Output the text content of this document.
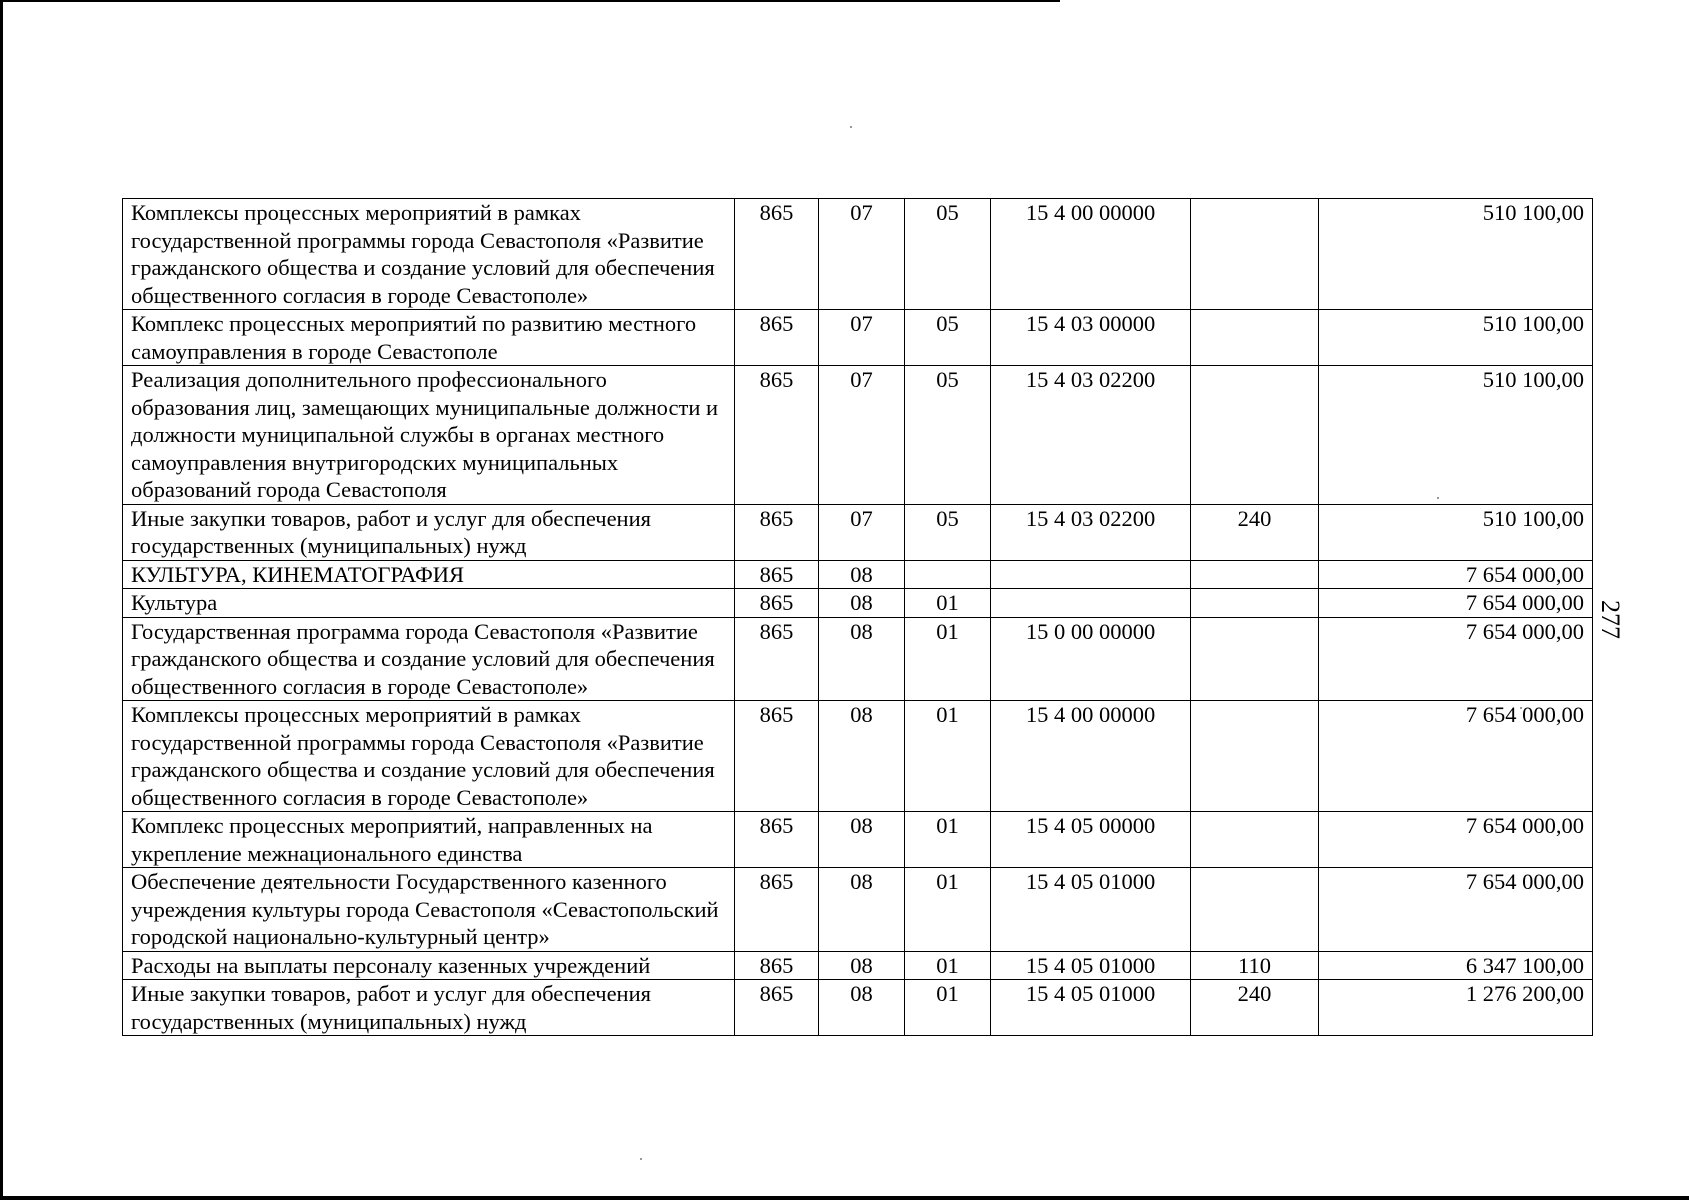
277
Комплексы процессных мероприятий в рамках государственной программы города Севастополя «Развитие гражданского общества и создание условий для обеспечения общественного согласия в городе Севастополе»	865	07	05	15 4 00 00000		510 100,00
Комплекс процессных мероприятий по развитию местного самоуправления в городе Севастополе	865	07	05	15 4 03 00000		510 100,00
Реализация дополнительного профессионального образования лиц, замещающих муниципальные должности и должности муниципальной службы в органах местного самоуправления внутригородских муниципальных образований города Севастополя	865	07	05	15 4 03 02200		510 100,00
Иные закупки товаров, работ и услуг для обеспечения государственных (муниципальных) нужд	865	07	05	15 4 03 02200	240	510 100,00
КУЛЬТУРА, КИНЕМАТОГРАФИЯ	865	08				7 654 000,00
Культура	865	08	01			7 654 000,00
Государственная программа города Севастополя «Развитие гражданского общества и создание условий для обеспечения общественного согласия в городе Севастополе»	865	08	01	15 0 00 00000		7 654 000,00
Комплексы процессных мероприятий в рамках государственной программы города Севастополя «Развитие гражданского общества и создание условий для обеспечения общественного согласия в городе Севастополе»	865	08	01	15 4 00 00000		7 654 000,00
Комплекс процессных мероприятий, направленных на укрепление межнационального единства	865	08	01	15 4 05 00000		7 654 000,00
Обеспечение деятельности Государственного казенного учреждения культуры города Севастополя «Севастопольский городской национально-культурный центр»	865	08	01	15 4 05 01000		7 654 000,00
Расходы на выплаты персоналу казенных учреждений	865	08	01	15 4 05 01000	110	6 347 100,00
Иные закупки товаров, работ и услуг для обеспечения государственных (муниципальных) нужд	865	08	01	15 4 05 01000	240	1 276 200,00
